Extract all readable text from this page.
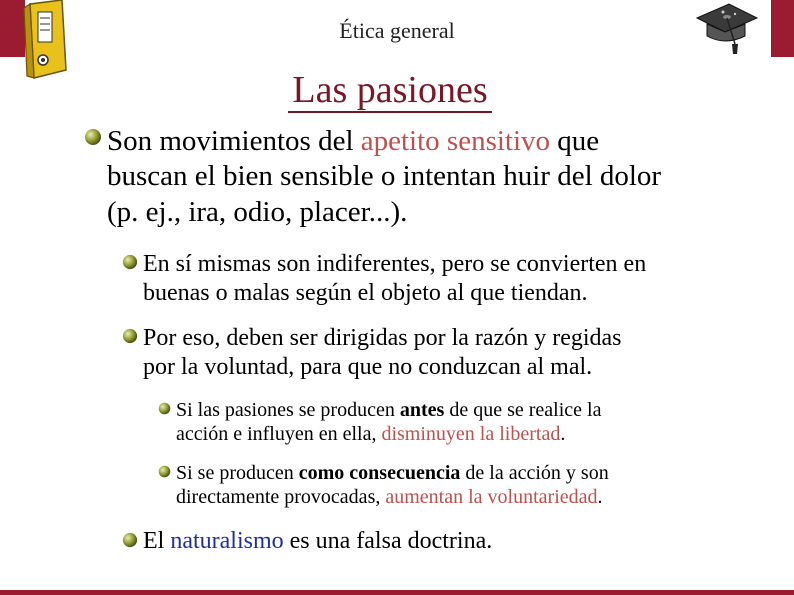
Ética general
Las pasiones
Son movimientos del apetito sensitivo que
buscan el bien sensible o intentan huir del dolor
(p. ej., ira, odio, placer...).
En sí mismas son indiferentes, pero se convierten en
buenas o malas según el objeto al que tiendan.
Por eso, deben ser dirigidas por la razón y regidas
por la voluntad, para que no conduzcan al mal.
Si las pasiones se producen antes de que se realice la
acción e influyen en ella, disminuyen la libertad.
Si se producen como consecuencia de la acción y son
directamente provocadas, aumentan la voluntariedad.
El naturalismo es una falsa doctrina.
